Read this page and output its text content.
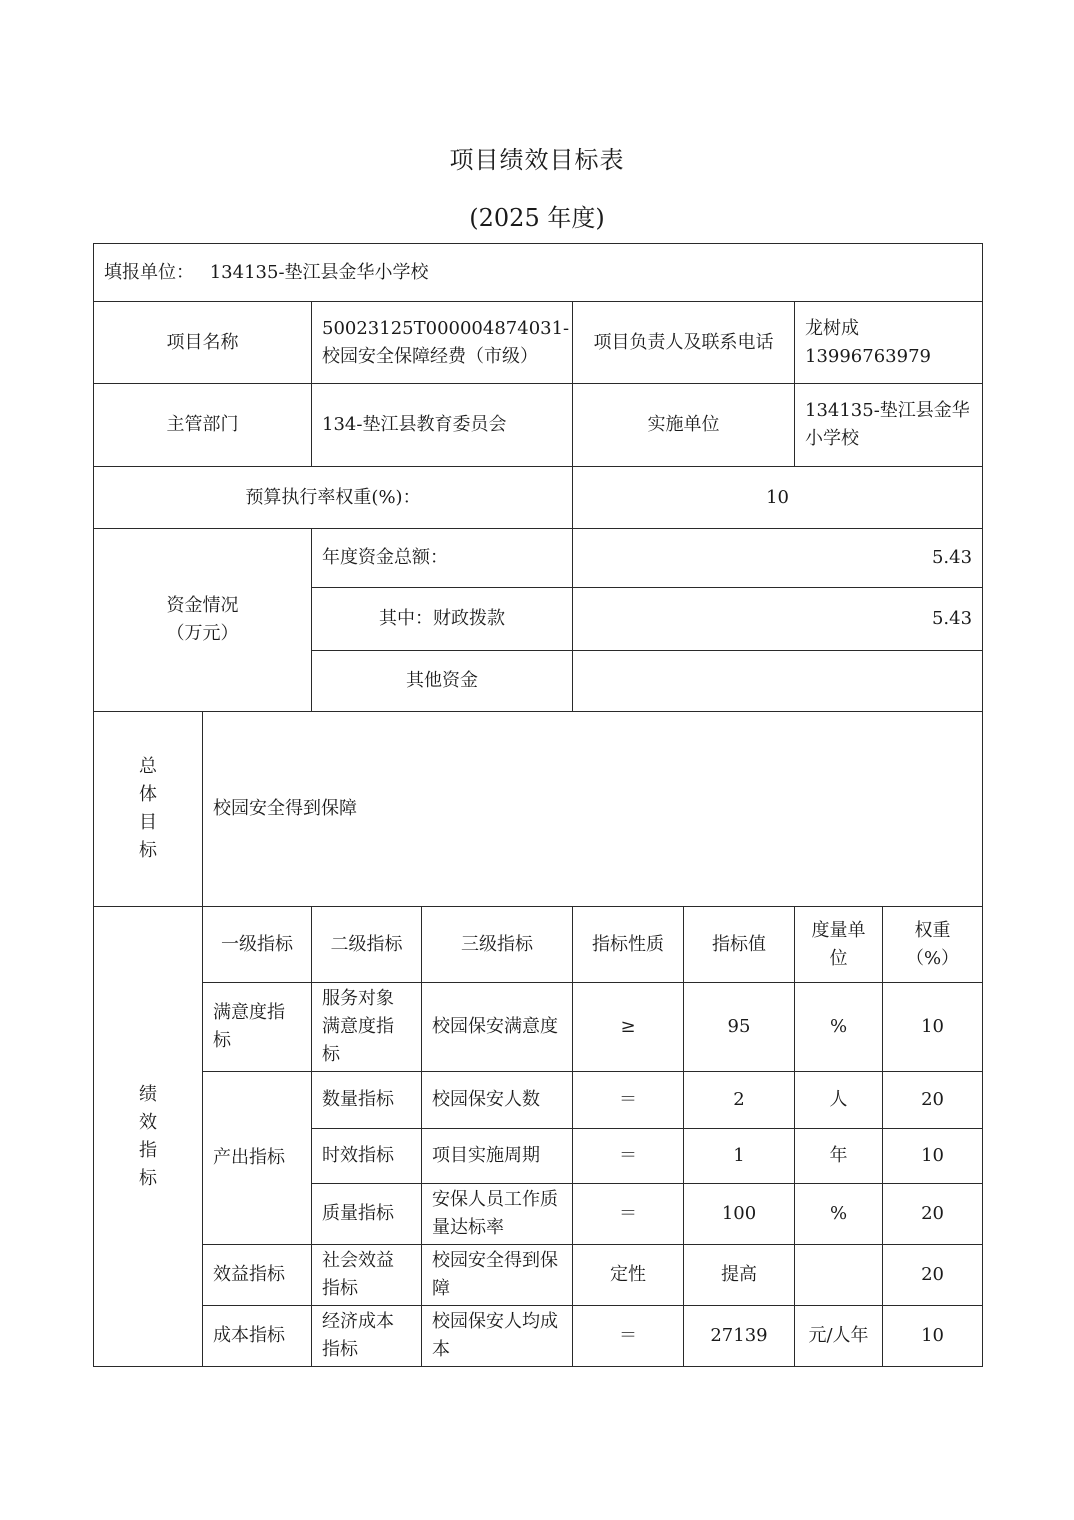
项目绩效目标表
(2025 年度)
填报单位： 134135-垫江县金华小学校							
项目名称		50023125T000004874031-校园安全保障经费（市级）		项目负责人及联系电话		龙树成
13996763979	

主管部门		134-垫江县教育委员会		实施单位		134135-垫江县金华小学校	
预算执行率权重(%)：				10			

资金情况
（万元）		年度资金总额：		5.43			
		其中：财政拨款		5.43			
		其他资金					

总体目标	校园安全得到保障						

绩效指标	一级指标	二级指标	三级指标	指标性质	指标值	度量单位	权重（%）
	满意度指标	服务对象满意度指标	校园保安满意度	≥	95	%	10
	产出指标	数量指标	校园保安人数	＝	2	人	20
		时效指标	项目实施周期	＝	1	年	10
		质量指标	安保人员工作质量达标率	＝	100	%	20
	效益指标	社会效益指标	校园安全得到保障	定性	提高		20
	成本指标	经济成本指标	校园保安人均成本	＝	27139	元/人年	10
